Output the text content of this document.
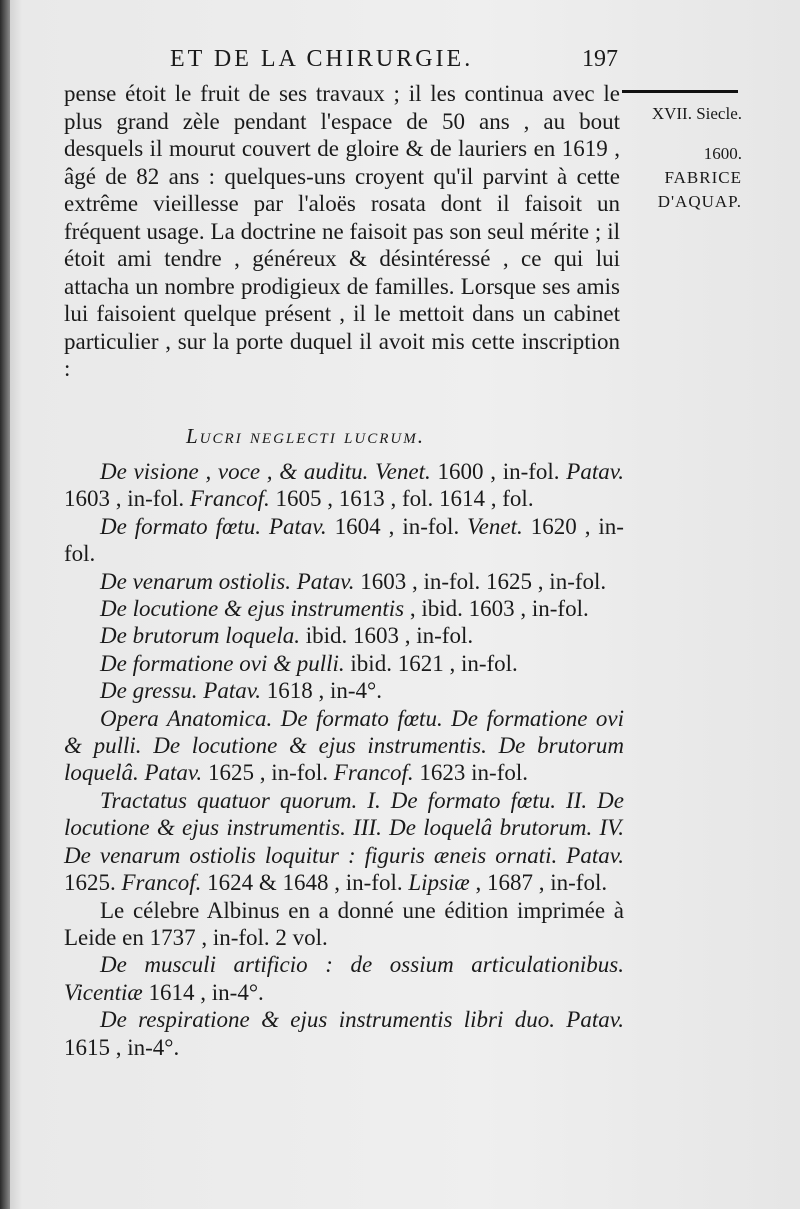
ET DE LA CHIRURGIE.	197
XVII. Siecle.
1600.
FABRICE
D'AQUAP.

pense étoit le fruit de ses travaux ; il les continua avec le plus grand zèle pendant l'espace de 50 ans , au bout desquels il mourut couvert de gloire & de lauriers en 1619 , âgé de 82 ans : quelques-uns croyent qu'il parvint à cette extrême vieillesse par l'aloës rosata dont il faisoit un fréquent usage. La doctrine ne faisoit pas son seul mérite ; il étoit ami tendre , généreux & désintéressé , ce qui lui attacha un nombre prodigieux de familles. Lorsque ses amis lui faisoient quelque présent , il le mettoit dans un cabinet particulier , sur la porte duquel il avoit mis cette inscription :

Lucri neglecti lucrum.

De visione , voce , & auditu. Venet. 1600 , in-fol. Patav. 1603 , in-fol. Francof. 1605 , 1613 , fol. 1614 , fol.

De formato fœtu. Patav. 1604 , in-fol. Venet. 1620 , in-fol.

De venarum ostiolis. Patav. 1603 , in-fol. 1625 , in-fol.

De locutione & ejus instrumentis , ibid. 1603 , in-fol.

De brutorum loquela. ibid. 1603 , in-fol.

De formatione ovi & pulli. ibid. 1621 , in-fol.

De gressu. Patav. 1618 , in-4°.

Opera Anatomica. De formato fœtu. De formatione ovi & pulli. De locutione & ejus instrumentis. De brutorum loquelâ. Patav. 1625 , in-fol. Francof. 1623 in-fol.

Tractatus quatuor quorum. I. De formato fœtu. II. De locutione & ejus instrumentis. III. De loquelâ brutorum. IV. De venarum ostiolis loquitur : figuris æneis ornati. Patav. 1625. Francof. 1624 & 1648 , in-fol. Lipsiæ , 1687 , in-fol.

Le célebre Albinus en a donné une édition imprimée à Leide en 1737 , in-fol. 2 vol.

De musculi artificio : de ossium articulationibus. Vicentiæ 1614 , in-4°.

De respiratione & ejus instrumentis libri duo. Patav. 1615 , in-4°.
